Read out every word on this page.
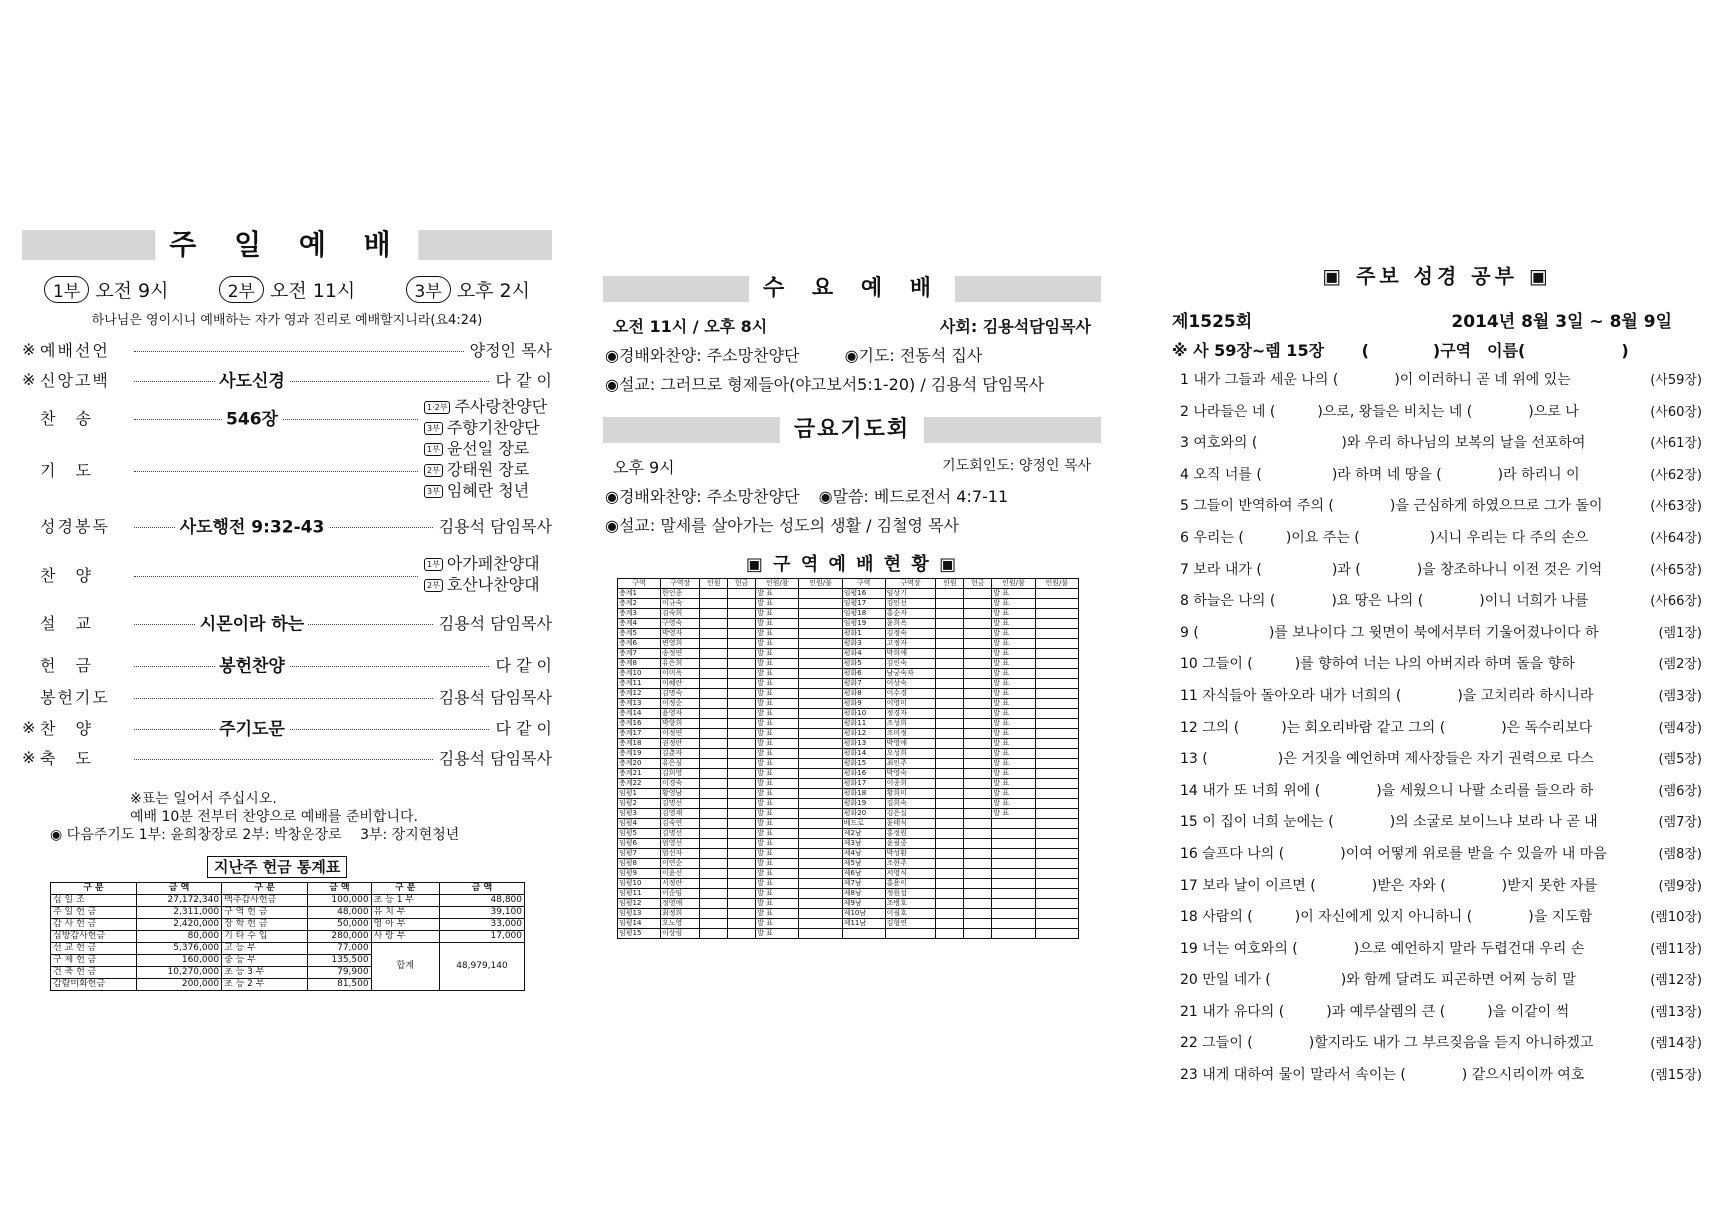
주 일 예 배
1부 오전 9시	2부 오전 11시	3부 오후 2시
하나님은 영이시니 예배하는 자가 영과 진리로 예배할지니라(요4:24)
※ 예배선언	양정인 목사
※ 신앙고백	사도신경	다 같 이
찬　송	546장
1·2부 주사랑찬양단
3부 주향기찬양단
기　도
1부 윤선일 장로
2부 강태원 장로
3부 임혜란 청년
성경봉독	사도행전 9:32-43	김용석 담임목사
찬　양
1부 아가페찬양대
2부 호산나찬양대
설　교	시몬이라 하는	김용석 담임목사
헌　금	봉헌찬양	다 같 이
봉헌기도	김용석 담임목사
※ 찬　양	주기도문	다 같 이
※ 축　도	김용석 담임목사
※표는 일어서 주십시오.
예배 10분 전부터 찬양으로 예배를 준비합니다.
◉ 다음주기도 1부: 윤희창장로 2부: 박창운장로　 3부: 장지현청년
지난주 헌금 통계표
구 분	금 액	구 분	금 액	구 분	금 액
십 일 조	27,172,340	맥추감사헌금	100,000	초 등 1 부	48,800
주 일 헌 금	2,311,000	구 역 헌 금	48,000	유 치 부	39,100
감 사 헌 금	2,420,000	장 학 헌 금	50,000	영 아 부	33,000
심방감사헌금	80,000	기 타 수 입	280,000	사 랑 부	17,000
선 교 헌 금	5,376,000	고 등 부	77,000	합계	48,979,140
구 제 헌 금	160,000	중 등 부	135,500		
건 축 헌 금	10,270,000	초 등 3 부	79,900		
감람미화헌금	200,000	초 등 2 부	81,500		
수 요 예 배
오전 11시 / 오후 8시	사회: 김용석담임목사
◉경배와찬양: 주소망찬양단	◉기도: 전동석 집사
◉설교: 그러므로 형제들아(야고보서5:1-20) / 김용석 담임목사
금요기도회
오후 9시	기도회인도: 양정인 목사
◉경배와찬양: 주소망찬양단 ◉말씀: 베드로전서 4:7-11
◉설교: 말세를 살아가는 성도의 생활 / 김철영 목사
▣ 구 역 예 배 현 황 ▣
구역	구역장	인원	헌금	인원/참	인원/불	구역	구역장	인원	헌금	인원/참	인원/불
충계1	한인종			발 표		임평16	임상기			발 표	
충계2	이규숙			발 표		임평17	김인선			발 표	
충계3	김숙희			발 표		임평18	홍순자			발 표	
충계4	구영숙			발 표		임평19	윤희옥			발 표	
충계5	박영자			발 표		평화1	김정숙			발 표	
충계6	변영희			발 표		평화3	고정자			발 표	
충계7	송정연			발 표		평화4	박희애			발 표	
충계8	유은희			발 표		평화5	김인숙			발 표	
충계10	이미옥			발 표		평화6	남궁숙자			발 표	
충계11	이혜란			발 표		평화7	이상숙			발 표	
충계12	김명숙			발 표		평화8	이수경			발 표	
충계13	이정순			발 표		평화9	이영미			발 표	
충계14	윤영자			발 표		평화10	정경자			발 표	
충계16	박향희			발 표		평화11	조성희			발 표	
충계17	이정연			발 표		평화12	조미정			발 표	
충계18	권정란			발 표		평화13	박영애			발 표	
충계19	김춘자			발 표		평화14	오성희			발 표	
충계20	유은심			발 표		평화15	최인주			발 표	
충계21	김희영			발 표		평화16	박영숙			발 표	
충계22	이경숙			발 표		평화17	이종희			발 표	
임평1	황영남			발 표		평화18	황희미			발 표	
임평2	김명선			발 표		평화19	김희숙			발 표	
임평3	김영재			발 표		평화20	김은실			발 표	
임평4	김숙연			발 표		베드로	윤태식				
임평5	김명선			발 표		제2남	홍정원				
임평6	엄영선			발 표		제3남	윤필중				
임평7	엄선자			발 표		제4남	박성환				
임평8	이연순			발 표		제5남	조한주				
임평9	이윤선			발 표		제6남	서영식				
임평10	서정란			발 표		제7남	홍용이				
임평11	이순임			발 표		제8남	정원섭				
임평12	정영애			발 표		제9남	조병호				
임평13	최정희			발 표		제10남	이필호				
임평14	오노영			발 표		제11남	김형연				
임평15	이상림			발 표							
▣ 주보 성경 공부 ▣
제1525회	2014년 8월 3일 ~ 8월 9일
※ 사 59장~렘 15장　　 (　　　　)구역　이름(　　　　　　)
1 내가 그들과 세운 나의 (　　　　)이 이러하니 곧 네 위에 있는	(사59장)
2 나라들은 네 (　　　)으로, 왕들은 비치는 네 (　　　　)으로 나	(사60장)
3 여호와의 (　　　　　　)와 우리 하나님의 보복의 날을 선포하여	(사61장)
4 오직 너를 (　　　　　)라 하며 네 땅을 (　　　　)라 하리니 이	(사62장)
5 그들이 반역하여 주의 (　　　　)을 근심하게 하였으므로 그가 돌이	(사63장)
6 우리는 (　　　)이요 주는 (　　　　　)시니 우리는 다 주의 손으	(사64장)
7 보라 내가 (　　　　　)과 (　　　　)을 창조하나니 이전 것은 기억	(사65장)
8 하늘은 나의 (　　　　)요 땅은 나의 (　　　　)이니 너희가 나를	(사66장)
9 (　　　　　)를 보나이다 그 윗면이 북에서부터 기울어졌나이다 하	(렘1장)
10 그들이 (　　　)를 향하여 너는 나의 아버지라 하며 돌을 향하	(렘2장)
11 자식들아 돌아오라 내가 너희의 (　　　　)을 고치리라 하시니라	(렘3장)
12 그의 (　　　)는 회오리바람 같고 그의 (　　　　)은 독수리보다	(렘4장)
13 (　　　　　)은 거짓을 예언하며 제사장들은 자기 권력으로 다스	(렘5장)
14 내가 또 너희 위에 (　　　　)을 세웠으니 나팔 소리를 들으라 하	(렘6장)
15 이 집이 너희 눈에는 (　　　　)의 소굴로 보이느냐 보라 나 곧 내	(렘7장)
16 슬프다 나의 (　　　　)이여 어떻게 위로를 받을 수 있을까 내 마음	(렘8장)
17 보라 날이 이르면 (　　　　)받은 자와 (　　　　)받지 못한 자를	(렘9장)
18 사람의 (　　　)이 자신에게 있지 아니하니 (　　　　)을 지도함	(렘10장)
19 너는 여호와의 (　　　　)으로 예언하지 말라 두렵건대 우리 손	(렘11장)
20 만일 네가 (　　　　　)와 함께 달려도 피곤하면 어찌 능히 말	(렘12장)
21 내가 유다의 (　　　)과 예루살렘의 큰 (　　　)을 이같이 썩	(렘13장)
22 그들이 (　　　　)할지라도 내가 그 부르짖음을 듣지 아니하겠고	(렘14장)
23 내게 대하여 물이 말라서 속이는 (　　　　) 같으시리이까 여호	(렘15장)
